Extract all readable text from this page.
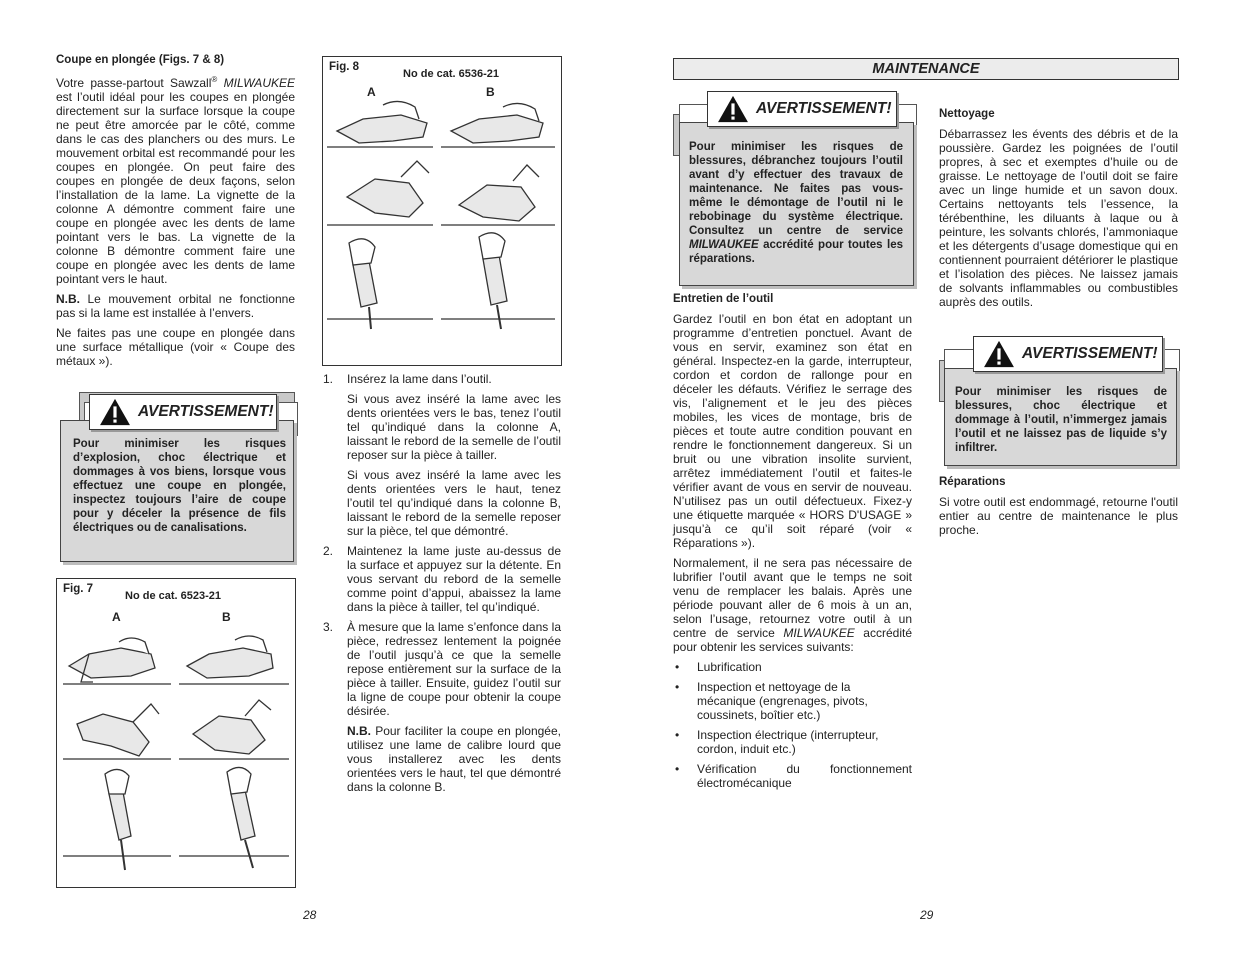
Coupe en plongée (Figs. 7 & 8)

Votre passe-partout Sawzall® MILWAUKEE est l’outil idéal pour les coupes en plongée directement sur la surface lorsque la coupe ne peut être amorcée par le côté, comme dans le cas des planchers ou des murs. Le mouvement orbital est recommandé pour les coupes en plongée. On peut faire des coupes en plongée de deux façons, selon l’installation de la lame. La vignette de la colonne A démontre comment faire une coupe en plongée avec les dents de lame pointant vers le bas. La vignette de la colonne B démontre comment faire une coupe en plongée avec les dents de lame pointant vers le haut.

N.B. Le mouvement orbital ne fonctionne pas si la lame est installée à l’envers.

Ne faites pas une coupe en plongée dans une surface métallique (voir « Coupe des métaux »).

Pour minimiser les risques d’explosion, choc électrique et dommages à vos biens, lorsque vous effectuez une coupe en plongée, inspectez toujours l’aire de coupe pour y déceler la présence de fils électriques ou de canalisations.

AVERTISSEMENT!
Fig. 7
No de cat. 6523-21
A	B
Fig. 8
No de cat. 6536-21
A	B
1. Insérez la lame dans l’outil.

Si vous avez inséré la lame avec les dents orientées vers le bas, tenez l’outil tel qu’indiqué dans la colonne A, laissant le rebord de la semelle de l’outil reposer sur la pièce à tailler.

Si vous avez inséré la lame avec les dents orientées vers le haut, tenez l’outil tel qu’indiqué dans la colonne B, laissant le rebord de la semelle reposer sur la pièce, tel que démontré.

2. Maintenez la lame juste au-dessus de la surface et appuyez sur la détente. En vous servant du rebord de la semelle comme point d’appui, abaissez la lame dans la pièce à tailler, tel qu’indiqué.

3. À mesure que la lame s’enfonce dans la pièce, redressez lentement la poignée de l’outil jusqu’à ce que la semelle repose entièrement sur la surface de la pièce à tailler. Ensuite, guidez l’outil sur la ligne de coupe pour obtenir la coupe désirée.

N.B. Pour faciliter la coupe en plongée, utilisez une lame de calibre lourd que vous installerez avec les dents orientées vers le haut, tel que démontré dans la colonne B.

28
MAINTENANCE

Pour minimiser les risques de blessures, débranchez toujours l’outil avant d’y effectuer des travaux de maintenance. Ne faites pas vous-même le démontage de l’outil ni le rebobinage du système électrique. Consultez un centre de service MILWAUKEE accrédité pour toutes les réparations.

AVERTISSEMENT!

Entretien de l’outil

Gardez l’outil en bon état en adoptant un programme d’entretien ponctuel. Avant de vous en servir, examinez son état en général. Inspectez-en la garde, interrupteur, cordon et cordon de rallonge pour en déceler les défauts. Vérifiez le serrage des vis, l’alignement et le jeu des pièces mobiles, les vices de montage, bris de pièces et toute autre condition pouvant en rendre le fonctionnement dangereux. Si un bruit ou une vibration insolite survient, arrêtez immédiatement l’outil et faites-le vérifier avant de vous en servir de nouveau. N’utilisez pas un outil défectueux. Fixez-y une étiquette marquée « HORS D'USAGE » jusqu’à ce qu’il soit réparé (voir « Réparations »).

Normalement, il ne sera pas nécessaire de lubrifier l’outil avant que le temps ne soit venu de remplacer les balais. Après une période pouvant aller de 6 mois à un an, selon l’usage, retournez votre outil à un centre de service MILWAUKEE accrédité pour obtenir les services suivants:

• Lubrification
• Inspection et nettoyage de la mécanique (engrenages, pivots, coussinets, boîtier etc.)
• Inspection électrique (interrupteur, cordon, induit etc.)
• Vérification du fonctionnement électromécanique

Nettoyage

Débarrassez les évents des débris et de la poussière. Gardez les poignées de l’outil propres, à sec et exemptes d’huile ou de graisse. Le nettoyage de l’outil doit se faire avec un linge humide et un savon doux. Certains nettoyants tels l’essence, la térébenthine, les diluants à laque ou à peinture, les solvants chlorés, l’ammoniaque et les détergents d’usage domestique qui en contiennent pourraient détériorer le plastique et l’isolation des pièces. Ne laissez jamais de solvants inflammables ou combustibles auprès des outils.

Pour minimiser les risques de blessures, choc électrique et dommage à l’outil, n’immergez jamais l’outil et ne laissez pas de liquide s’y infiltrer.

AVERTISSEMENT!

Réparations

Si votre outil est endommagé, retourne l'outil entier au centre de maintenance le plus proche.

29
